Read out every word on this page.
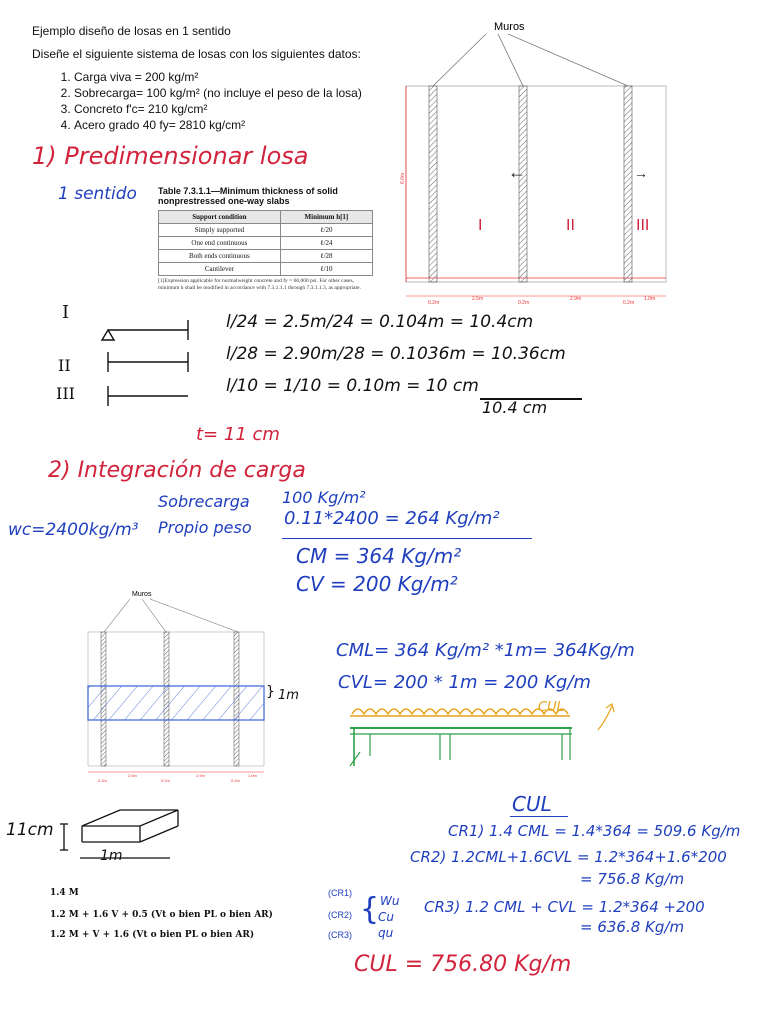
Ejemplo diseño de losas en 1 sentido
Diseñe el siguiente sistema de losas con los siguientes datos:
1. Carga viva = 200 kg/m²
2. Sobrecarga= 100 kg/m² (no incluye el peso de la losa)
3. Concreto f'c= 210 kg/cm²
4. Acero grado 40 fy= 2810 kg/cm²
Muros
6.0m	←	→
I	II	III
0.2m
2.5m
0.2m
2.9m
0.2m
1.0m
1) Predimensionar losa
1 sentido Table 7.3.1.1—Minimum thickness of solid
nonprestressed one-way slabs
Support condition	Minimum h[1]
Simply supported	ℓ/20
One end continuous	ℓ/24
Both ends continuous	ℓ/28
Cantilever	ℓ/10
[1]Expression applicable for normalweight concrete and fy = 60,000 psi. For other cases, minimum h shall be modified in accordance with 7.3.1.1.1 through 7.3.1.1.3, as appropriate.
I
II
III
l/24 = 2.5m/24 = 0.104m = 10.4cm
l/28 = 2.90m/28 = 0.1036m = 10.36cm
l/10 = 1/10 = 0.10m = 10 cm
10.4 cm
t= 11 cm
2) Integración de carga
wc=2400kg/m³
Sobrecarga 100 Kg/m²
Propio peso 0.11*2400 = 264 Kg/m²
CM = 364 Kg/m²
CV = 200 Kg/m²
Muros
0.2m
2.5m
0.2m
2.9m
0.2m
1.0m
} 1m
CML= 364 Kg/m² *1m= 364Kg/m
CVL= 200 * 1m = 200 Kg/m
CUL
11cm
1m
CUL
CR1) 1.4 CML = 1.4*364 = 509.6 Kg/m
CR2) 1.2CML+1.6CVL = 1.2*364+1.6*200
= 756.8 Kg/m
CR3) 1.2 CML + CVL = 1.2*364 +200
= 636.8 Kg/m
1.4 M
1.2 M + 1.6 V + 0.5 (Vt o bien PL o bien AR)
1.2 M + V + 1.6 (Vt o bien PL o bien AR)
(CR1)
(CR2)
(CR3)
{ Wu
Cu
qu
CUL = 756.80 Kg/m
